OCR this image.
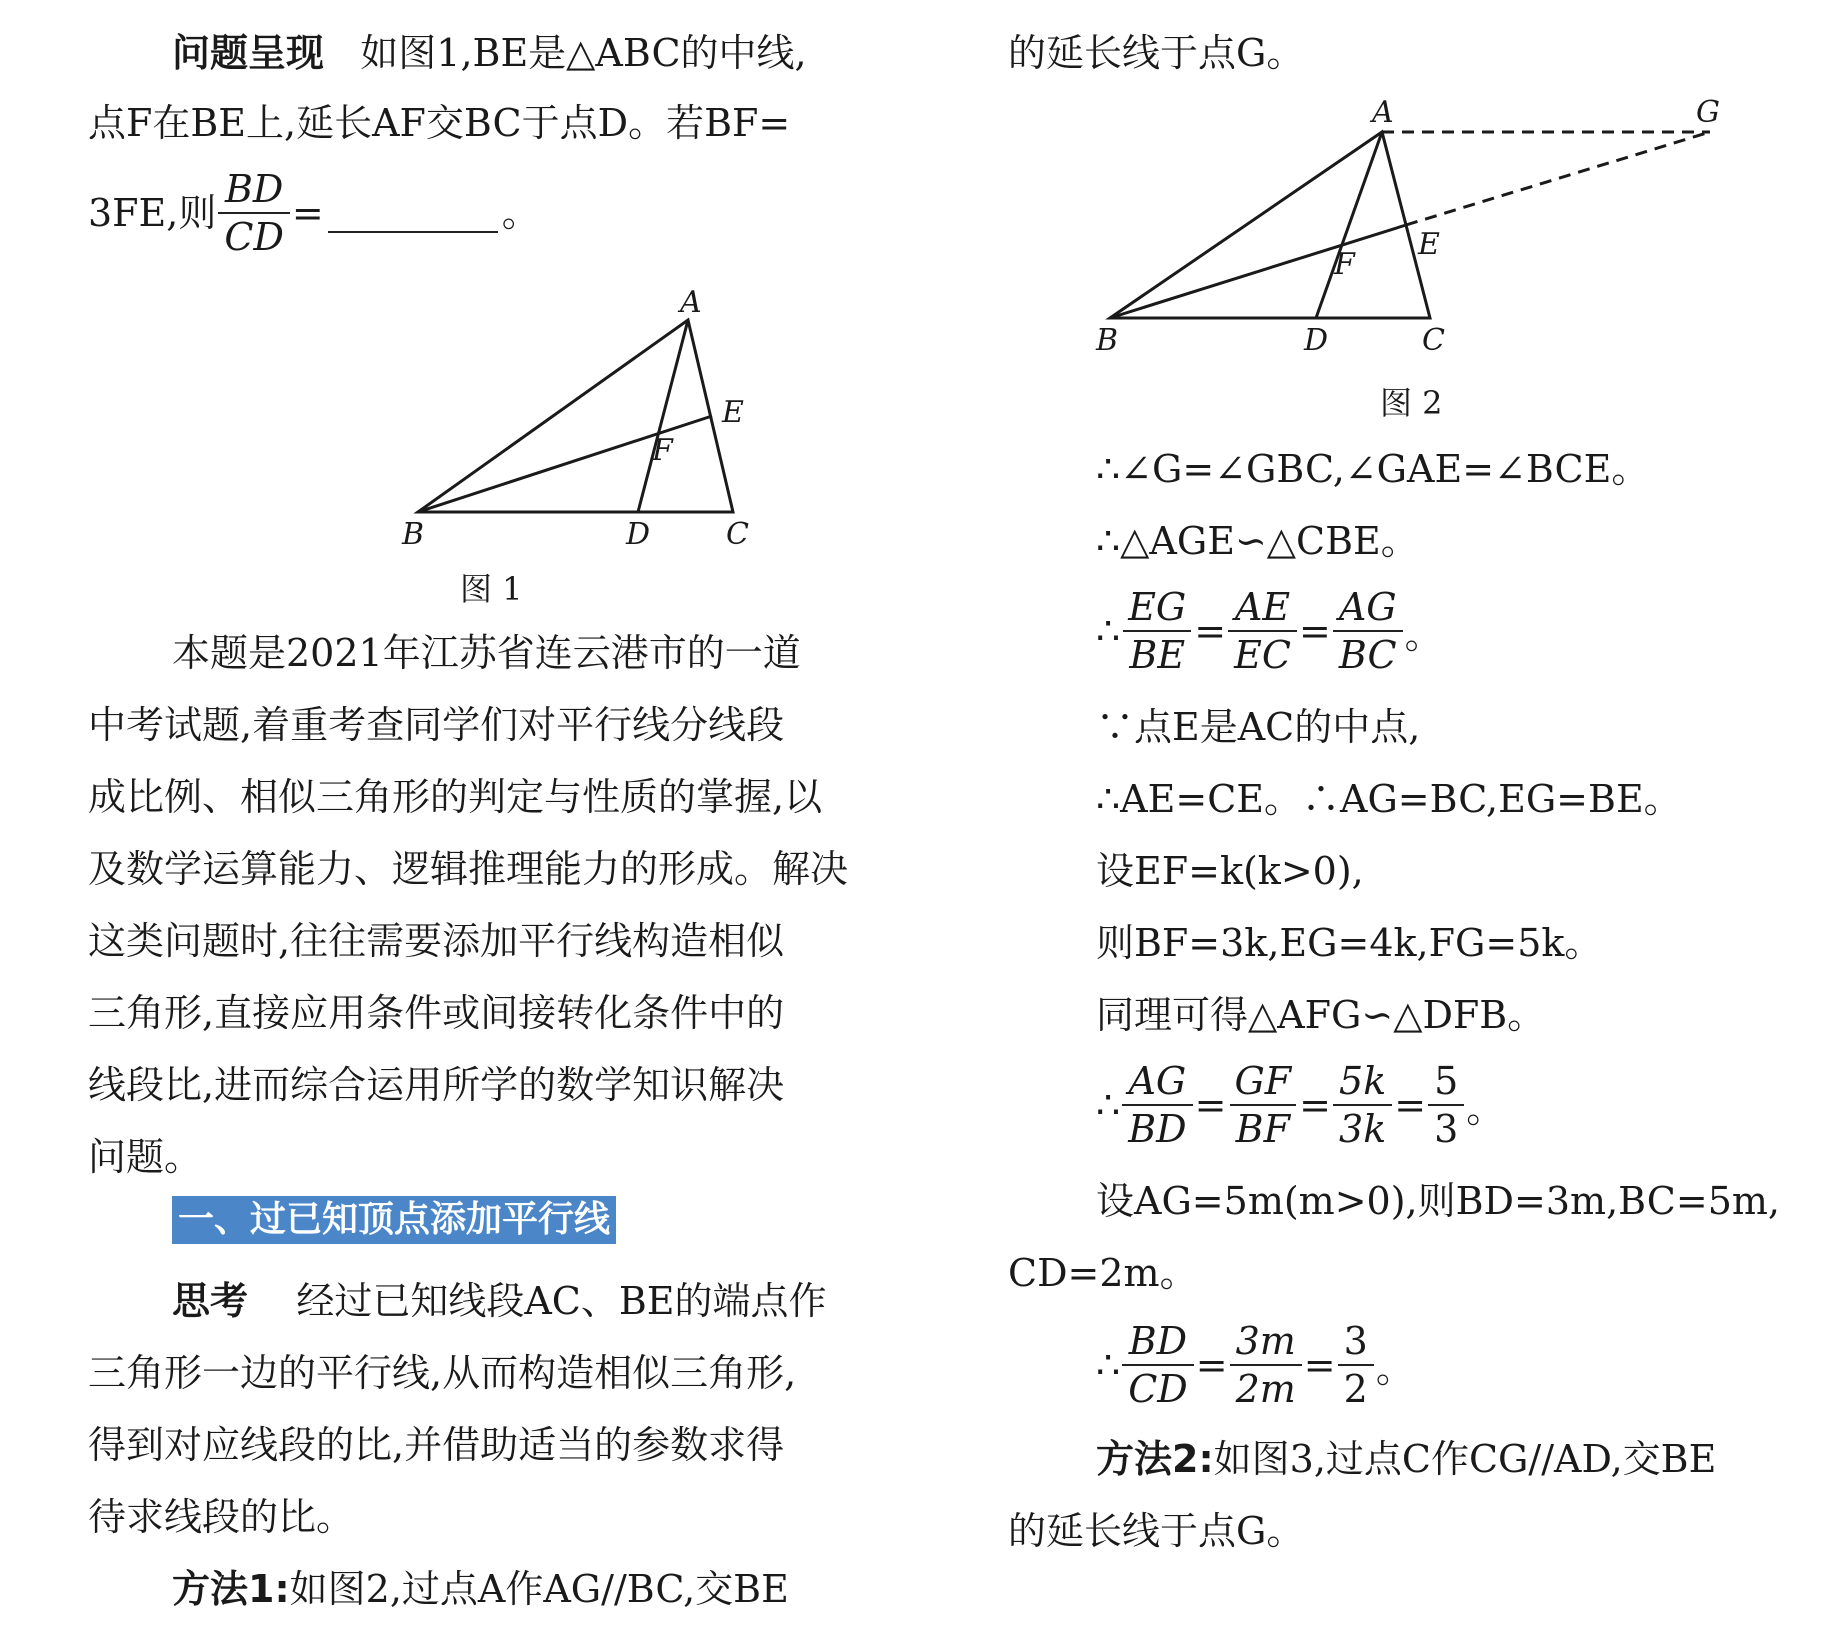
问题呈现 如图1,BE是△ABC的中线,
点F在BE上,延长AF交BC于点D。若BF=
3FE,则 $\frac{BD}{CD}$ =	。
A
B	C
D
E
F
图 1
本题是2021年江苏省连云港市的一道
中考试题,着重考查同学们对平行线分线段
成比例、相似三角形的判定与性质的掌握,以
及数学运算能力、逻辑推理能力的形成。解决
这类问题时,往往需要添加平行线构造相似
三角形,直接应用条件或间接转化条件中的
线段比,进而综合运用所学的数学知识解决
问题。
一、过已知顶点添加平行线
思考 经过已知线段AC、BE的端点作
三角形一边的平行线,从而构造相似三角形,
得到对应线段的比,并借助适当的参数求得
待求线段的比。
方法1:如图2,过点A作AG//BC,交BE
的延长线于点G。
A	G
B	D	C
E
F
图 2
∴∠G=∠GBC,∠GAE=∠BCE。
∴△AGE∽△CBE。
∴ $\frac{EG}{BE} = \frac{AE}{EC} = \frac{AG}{BC}$ 。
∵点E是AC的中点,
∴AE=CE。∴AG=BC,EG=BE。
设EF=k(k>0),
则BF=3k,EG=4k,FG=5k。
同理可得△AFG∽△DFB。
∴ $\frac{AG}{BD} = \frac{GF}{BF} = \frac{5k}{3k} = \frac{5}{3}$ 。
设AG=5m(m>0),则BD=3m,BC=5m,
CD=2m。
∴ $\frac{BD}{CD} = \frac{3m}{2m} = \frac{3}{2}$ 。
方法2:如图3,过点C作CG//AD,交BE
的延长线于点G。
